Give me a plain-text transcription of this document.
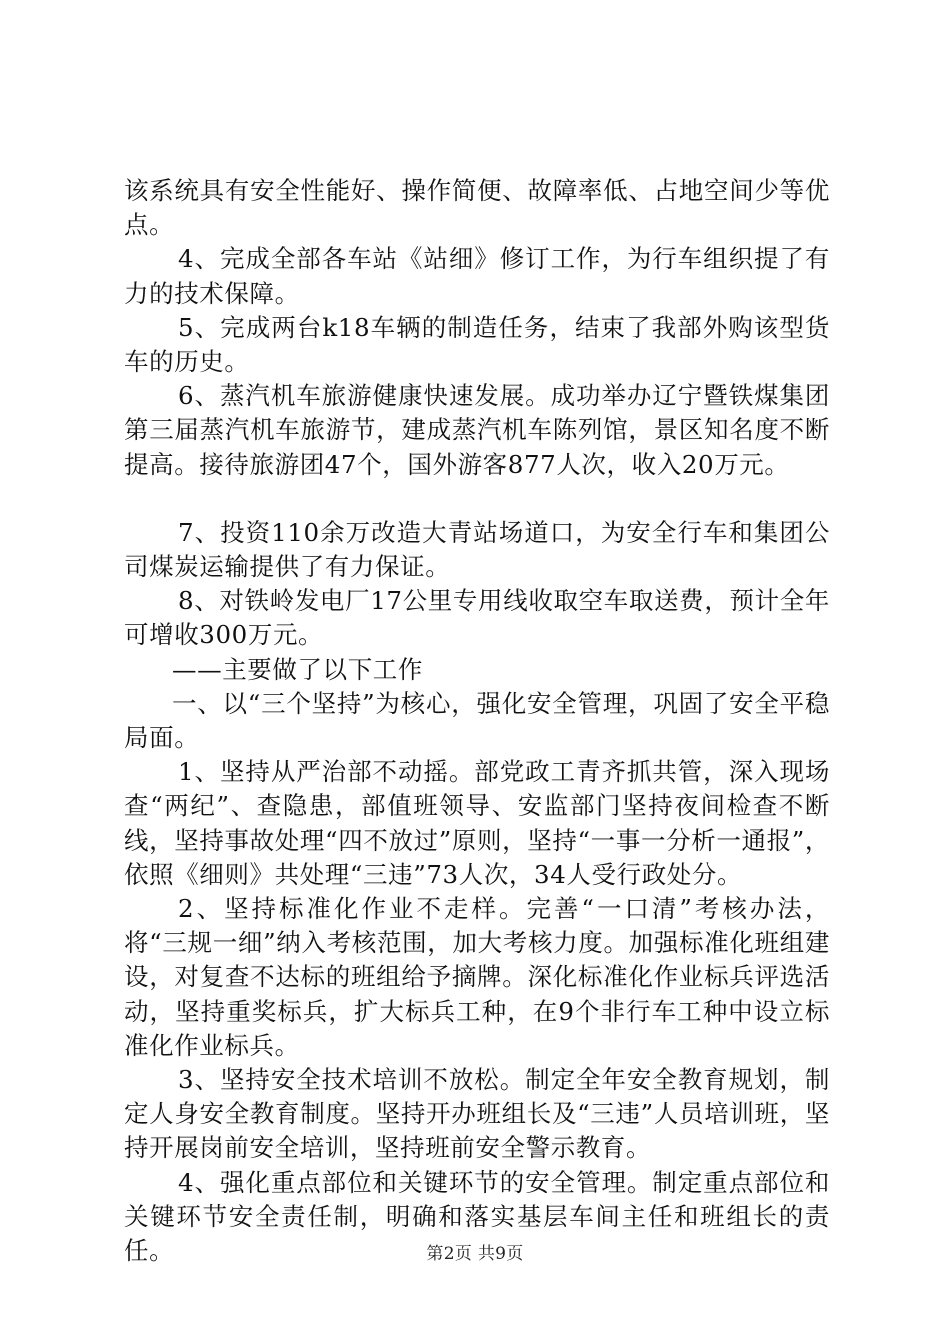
该系统具有安全性能好、操作简便、故障率低、占地空间少等优点。

4、完成全部各车站《站细》修订工作，为行车组织提了有力的技术保障。

5、完成两台k18车辆的制造任务，结束了我部外购该型货车的历史。

6、蒸汽机车旅游健康快速发展。成功举办辽宁暨铁煤集团第三届蒸汽机车旅游节，建成蒸汽机车陈列馆，景区知名度不断提高。接待旅游团47个，国外游客877人次，收入20万元。

7、投资110余万改造大青站场道口，为安全行车和集团公司煤炭运输提供了有力保证。

8、对铁岭发电厂17公里专用线收取空车取送费，预计全年可增收300万元。

——主要做了以下工作

一、以“三个坚持”为核心，强化安全管理，巩固了安全平稳局面。

1、坚持从严治部不动摇。部党政工青齐抓共管，深入现场查“两纪”、查隐患，部值班领导、安监部门坚持夜间检查不断线，坚持事故处理“四不放过”原则，坚持“一事一分析一通报”，依照《细则》共处理“三违”73人次，34人受行政处分。

2、坚持标准化作业不走样。完善“一口清”考核办法，将“三规一细”纳入考核范围，加大考核力度。加强标准化班组建设，对复查不达标的班组给予摘牌。深化标准化作业标兵评选活动，坚持重奖标兵，扩大标兵工种，在9个非行车工种中设立标准化作业标兵。

3、坚持安全技术培训不放松。制定全年安全教育规划，制定人身安全教育制度。坚持开办班组长及“三违”人员培训班，坚持开展岗前安全培训，坚持班前安全警示教育。

4、强化重点部位和关键环节的安全管理。制定重点部位和关键环节安全责任制，明确和落实基层车间主任和班组长的责任。	第2页 共9页
